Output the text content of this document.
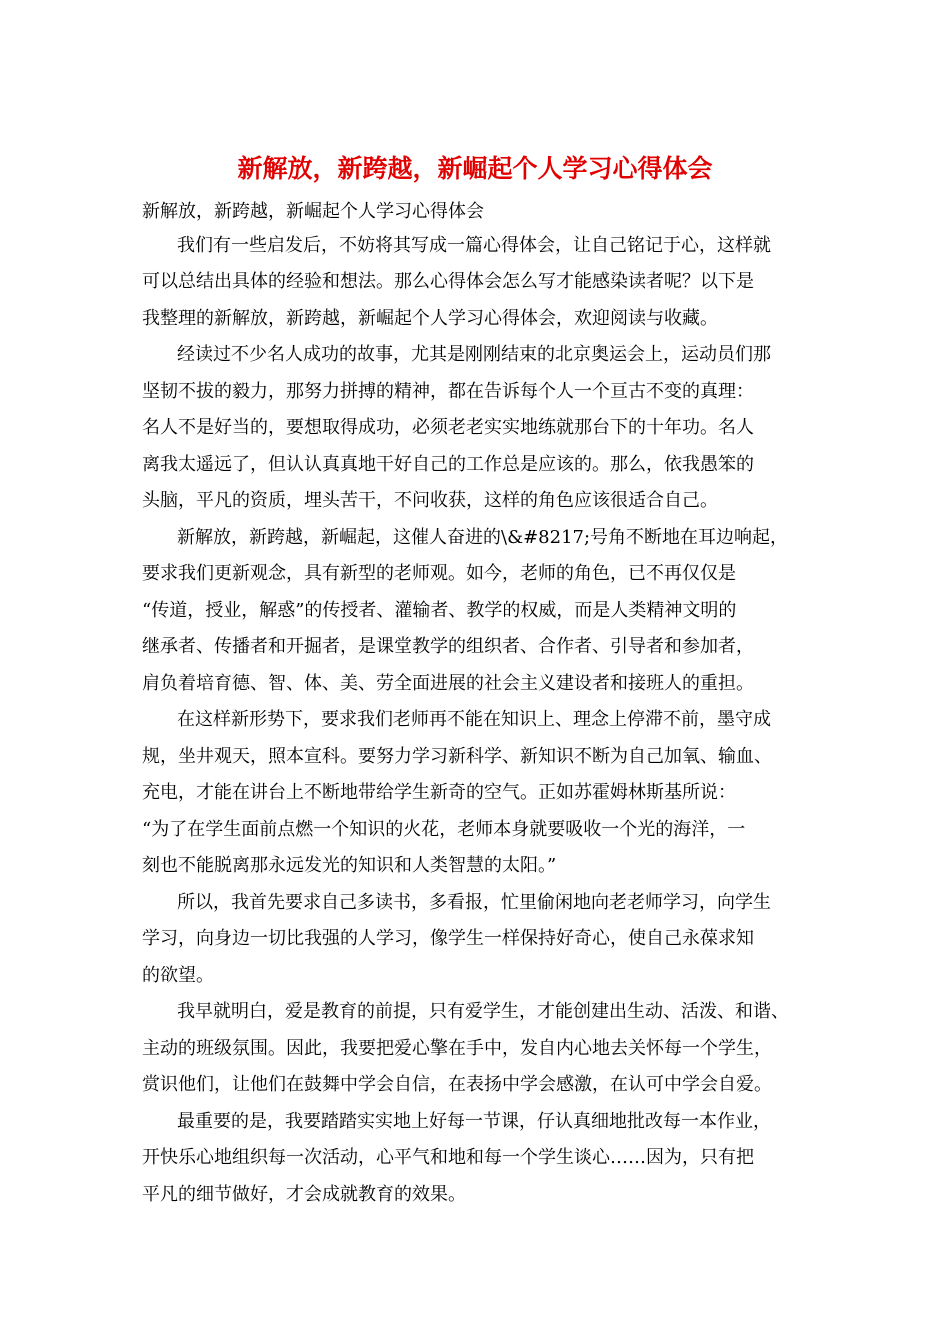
新解放，新跨越，新崛起个人学习心得体会
新解放，新跨越，新崛起个人学习心得体会
我们有一些启发后，不妨将其写成一篇心得体会，让自己铭记于心，这样就
可以总结出具体的经验和想法。那么心得体会怎么写才能感染读者呢？以下是
我整理的新解放，新跨越，新崛起个人学习心得体会，欢迎阅读与收藏。
经读过不少名人成功的故事，尤其是刚刚结束的北京奥运会上，运动员们那
坚韧不拔的毅力，那努力拼搏的精神，都在告诉每个人一个亘古不变的真理：
名人不是好当的，要想取得成功，必须老老实实地练就那台下的十年功。名人
离我太遥远了，但认认真真地干好自己的工作总是应该的。那么，依我愚笨的
头脑，平凡的资质，埋头苦干，不问收获，这样的角色应该很适合自己。
新解放，新跨越，新崛起，这催人奋进的\&#8217;号角不断地在耳边响起，
要求我们更新观念，具有新型的老师观。如今，老师的角色，已不再仅仅是
“传道，授业，解惑”的传授者、灌输者、教学的权威，而是人类精神文明的
继承者、传播者和开掘者，是课堂教学的组织者、合作者、引导者和参加者，
肩负着培育德、智、体、美、劳全面进展的社会主义建设者和接班人的重担。
在这样新形势下，要求我们老师再不能在知识上、理念上停滞不前，墨守成
规，坐井观天，照本宣科。要努力学习新科学、新知识不断为自己加氧、输血、
充电，才能在讲台上不断地带给学生新奇的空气。正如苏霍姆林斯基所说：
“为了在学生面前点燃一个知识的火花，老师本身就要吸收一个光的海洋，一
刻也不能脱离那永远发光的知识和人类智慧的太阳。”
所以，我首先要求自己多读书，多看报，忙里偷闲地向老老师学习，向学生
学习，向身边一切比我强的人学习，像学生一样保持好奇心，使自己永葆求知
的欲望。
我早就明白，爱是教育的前提，只有爱学生，才能创建出生动、活泼、和谐、
主动的班级氛围。因此，我要把爱心擎在手中，发自内心地去关怀每一个学生，
赏识他们，让他们在鼓舞中学会自信，在表扬中学会感激，在认可中学会自爱。
最重要的是，我要踏踏实实地上好每一节课，仔认真细地批改每一本作业，
开快乐心地组织每一次活动，心平气和地和每一个学生谈心……因为，只有把
平凡的细节做好，才会成就教育的效果。
